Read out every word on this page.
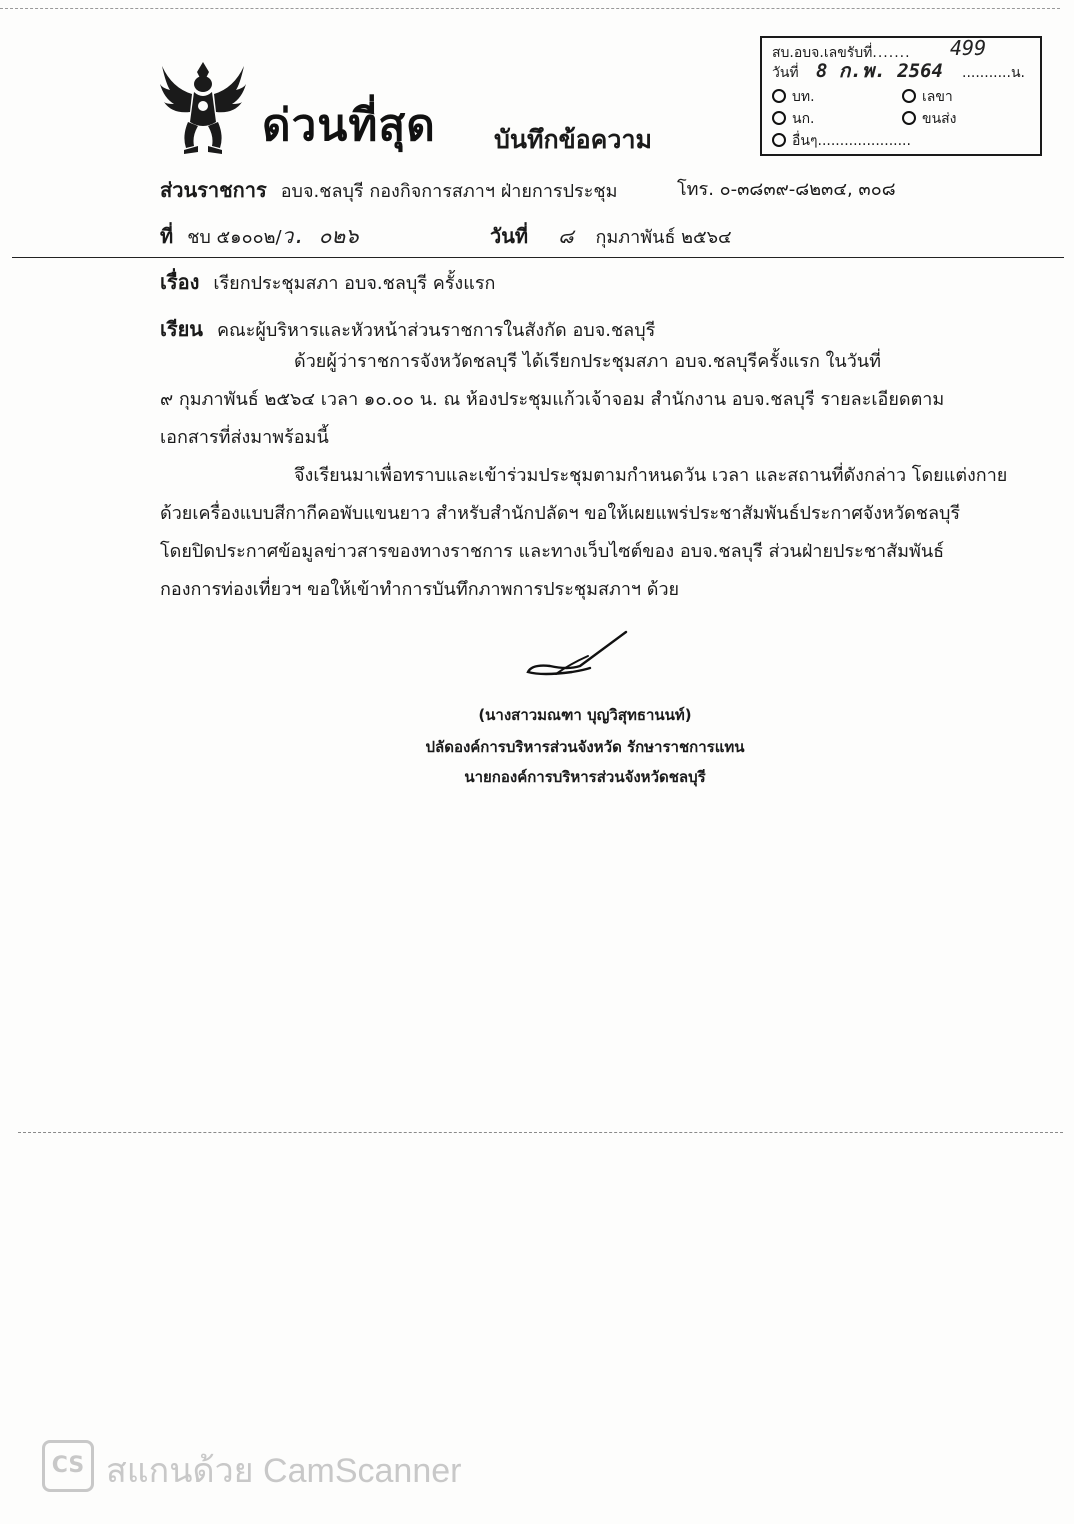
ด่วนที่สุด บันทึกข้อความ
สบ.อบจ.เลขรับที่....... 499
วันที่ 8 ก.พ. 2564 ...........น.
บท.	เลขา
นก.	ขนส่ง
อื่นๆ.....................
ส่วนราชการ อบจ.ชลบุรี กองกิจการสภาฯ ฝ่ายการประชุม	โทร. ๐-๓๘๓๙-๘๒๓๔, ๓๐๘
ที่ ชบ ๕๑๐๐๒/ว. ๐๒๖	วันที่ ๘ กุมภาพันธ์ ๒๕๖๔
เรื่อง เรียกประชุมสภา อบจ.ชลบุรี ครั้งแรก
เรียน คณะผู้บริหารและหัวหน้าส่วนราชการในสังกัด อบจ.ชลบุรี
ด้วยผู้ว่าราชการจังหวัดชลบุรี ได้เรียกประชุมสภา อบจ.ชลบุรีครั้งแรก ในวันที่
๙ กุมภาพันธ์ ๒๕๖๔ เวลา ๑๐.๐๐ น. ณ ห้องประชุมแก้วเจ้าจอม สำนักงาน อบจ.ชลบุรี รายละเอียดตาม
เอกสารที่ส่งมาพร้อมนี้
จึงเรียนมาเพื่อทราบและเข้าร่วมประชุมตามกำหนดวัน เวลา และสถานที่ดังกล่าว โดยแต่งกาย
ด้วยเครื่องแบบสีกากีคอพับแขนยาว สำหรับสำนักปลัดฯ ขอให้เผยแพร่ประชาสัมพันธ์ประกาศจังหวัดชลบุรี
โดยปิดประกาศข้อมูลข่าวสารของทางราชการ และทางเว็บไซต์ของ อบจ.ชลบุรี ส่วนฝ่ายประชาสัมพันธ์
กองการท่องเที่ยวฯ ขอให้เข้าทำการบันทึกภาพการประชุมสภาฯ ด้วย
(นางสาวมณฑา บุญวิสุทธานนท์)
ปลัดองค์การบริหารส่วนจังหวัด รักษาราชการแทน
นายกองค์การบริหารส่วนจังหวัดชลบุรี
CS สแกนด้วย CamScanner
